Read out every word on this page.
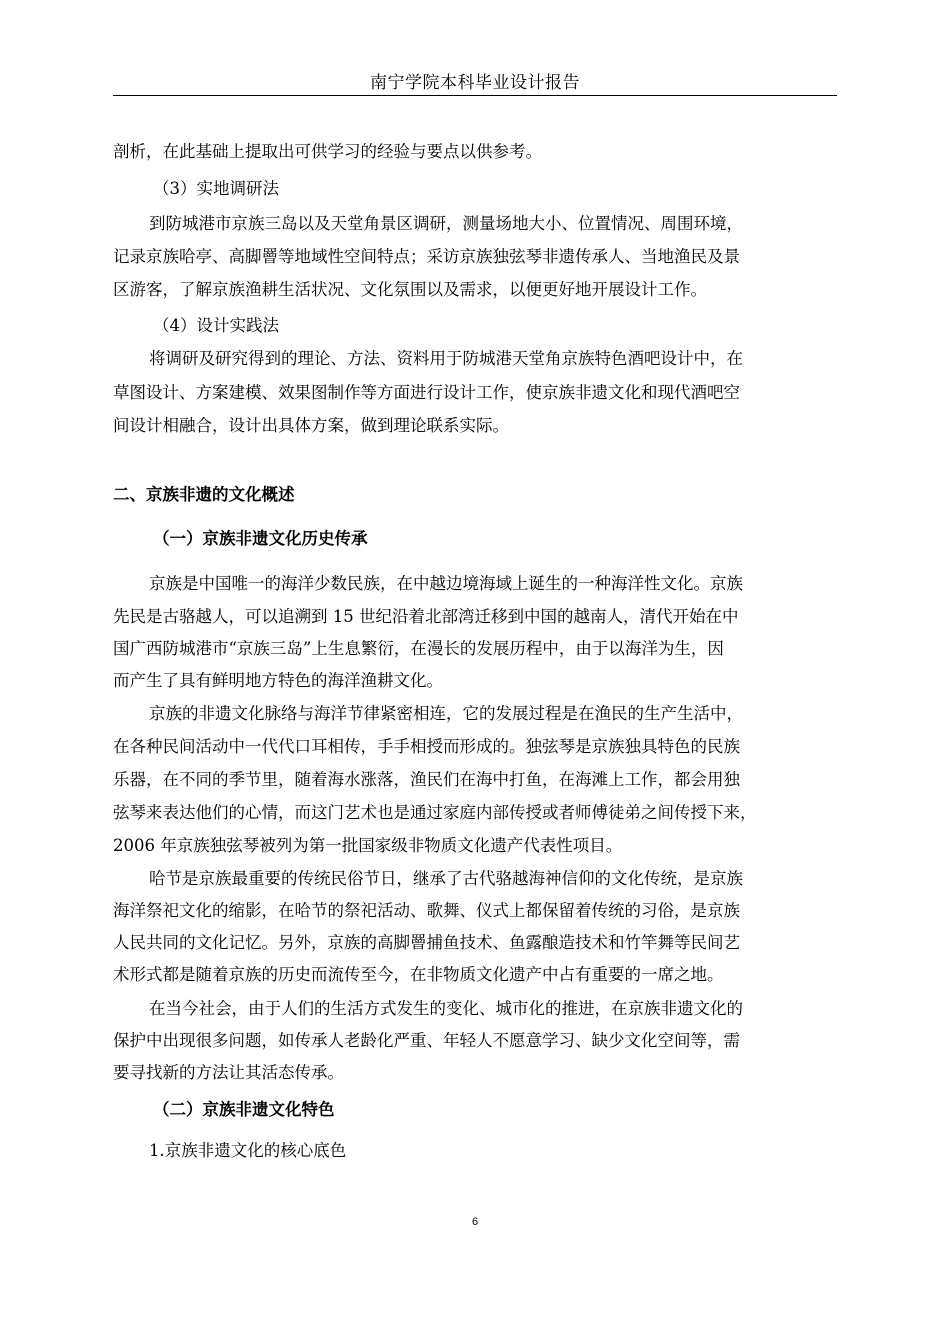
南宁学院本科毕业设计报告
剖析，在此基础上提取出可供学习的经验与要点以供参考。
（3）实地调研法
到防城港市京族三岛以及天堂角景区调研，测量场地大小、位置情况、周围环境，
记录京族哈亭、高脚罾等地域性空间特点；采访京族独弦琴非遗传承人、当地渔民及景
区游客，了解京族渔耕生活状况、文化氛围以及需求，以便更好地开展设计工作。
（4）设计实践法
将调研及研究得到的理论、方法、资料用于防城港天堂角京族特色酒吧设计中，在
草图设计、方案建模、效果图制作等方面进行设计工作，使京族非遗文化和现代酒吧空
间设计相融合，设计出具体方案，做到理论联系实际。
二、京族非遗的文化概述
（一）京族非遗文化历史传承
京族是中国唯一的海洋少数民族，在中越边境海域上诞生的一种海洋性文化。京族
先民是古骆越人，可以追溯到 15 世纪沿着北部湾迁移到中国的越南人，清代开始在中
国广西防城港市“京族三岛”上生息繁衍，在漫长的发展历程中，由于以海洋为生，因
而产生了具有鲜明地方特色的海洋渔耕文化。
京族的非遗文化脉络与海洋节律紧密相连，它的发展过程是在渔民的生产生活中，
在各种民间活动中一代代口耳相传，手手相授而形成的。独弦琴是京族独具特色的民族
乐器，在不同的季节里，随着海水涨落，渔民们在海中打鱼，在海滩上工作，都会用独
弦琴来表达他们的心情，而这门艺术也是通过家庭内部传授或者师傅徒弟之间传授下来，
2006 年京族独弦琴被列为第一批国家级非物质文化遗产代表性项目。
哈节是京族最重要的传统民俗节日，继承了古代骆越海神信仰的文化传统，是京族
海洋祭祀文化的缩影，在哈节的祭祀活动、歌舞、仪式上都保留着传统的习俗，是京族
人民共同的文化记忆。另外，京族的高脚罾捕鱼技术、鱼露酿造技术和竹竿舞等民间艺
术形式都是随着京族的历史而流传至今，在非物质文化遗产中占有重要的一席之地。
在当今社会，由于人们的生活方式发生的变化、城市化的推进，在京族非遗文化的
保护中出现很多问题，如传承人老龄化严重、年轻人不愿意学习、缺少文化空间等，需
要寻找新的方法让其活态传承。
（二）京族非遗文化特色
1.京族非遗文化的核心底色
6
